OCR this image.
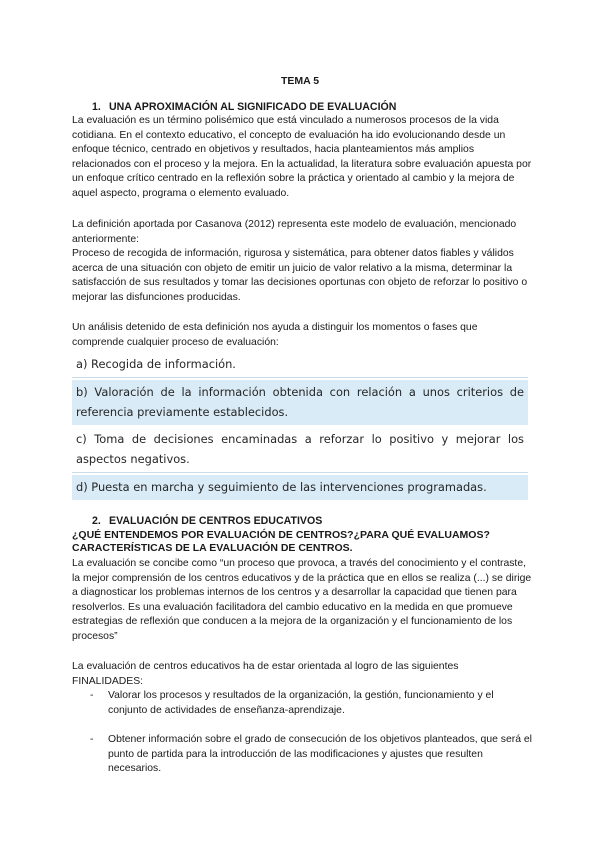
TEMA 5

1. UNA APROXIMACIÓN AL SIGNIFICADO DE EVALUACIÓN

La evaluación es un término polisémico que está vinculado a numerosos procesos de la vida cotidiana. En el contexto educativo, el concepto de evaluación ha ido evolucionando desde un enfoque técnico, centrado en objetivos y resultados, hacia planteamientos más amplios relacionados con el proceso y la mejora. En la actualidad, la literatura sobre evaluación apuesta por un enfoque crítico centrado en la reflexión sobre la práctica y orientado al cambio y la mejora de aquel aspecto, programa o elemento evaluado.

La definición aportada por Casanova (2012) representa este modelo de evaluación, mencionado anteriormente:

Proceso de recogida de información, rigurosa y sistemática, para obtener datos fiables y válidos acerca de una situación con objeto de emitir un juicio de valor relativo a la misma, determinar la satisfacción de sus resultados y tomar las decisiones oportunas con objeto de reforzar lo positivo o mejorar las disfunciones producidas.

Un análisis detenido de esta definición nos ayuda a distinguir los momentos o fases que comprende cualquier proceso de evaluación:

a) Recogida de información.
b) Valoración de la información obtenida con relación a unos criterios de referencia previamente establecidos.
c) Toma de decisiones encaminadas a reforzar lo positivo y mejorar los aspectos negativos.
d) Puesta en marcha y seguimiento de las intervenciones programadas.

2. EVALUACIÓN DE CENTROS EDUCATIVOS

¿QUÉ ENTENDEMOS POR EVALUACIÓN DE CENTROS?¿PARA QUÉ EVALUAMOS? CARACTERÍSTICAS DE LA EVALUACIÓN DE CENTROS.

La evaluación se concibe como “un proceso que provoca, a través del conocimiento y el contraste, la mejor comprensión de los centros educativos y de la práctica que en ellos se realiza (...) se dirige a diagnosticar los problemas internos de los centros y a desarrollar la capacidad que tienen para resolverlos. Es una evaluación facilitadora del cambio educativo en la medida en que promueve estrategias de reflexión que conducen a la mejora de la organización y el funcionamiento de los procesos”

La evaluación de centros educativos ha de estar orientada al logro de las siguientes FINALIDADES:

- Valorar los procesos y resultados de la organización, la gestión, funcionamiento y el conjunto de actividades de enseñanza-aprendizaje.
- Obtener información sobre el grado de consecución de los objetivos planteados, que será el punto de partida para la introducción de las modificaciones y ajustes que resulten necesarios.
